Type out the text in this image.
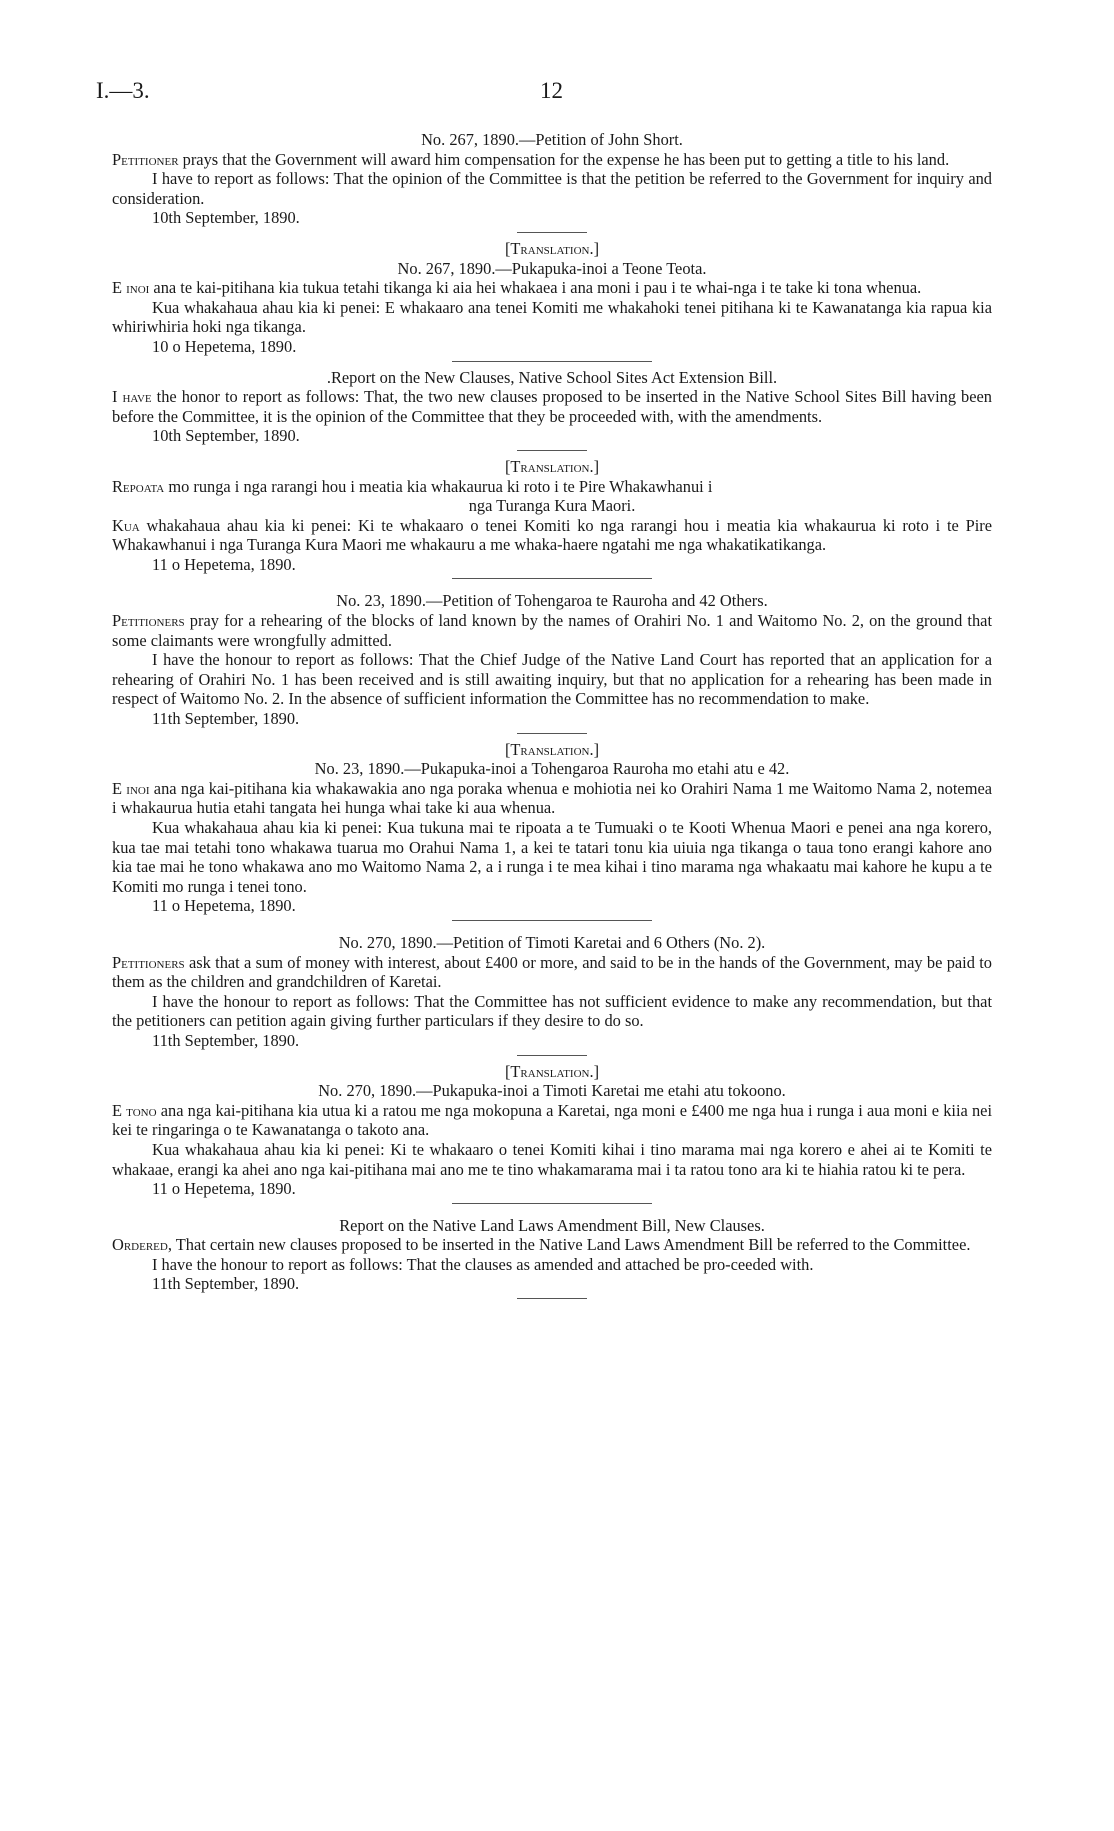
I.—3.	12

No. 267, 1890.—Petition of John Short.

Petitioner prays that the Government will award him compensation for the expense he has been put to getting a title to his land.

I have to report as follows: That the opinion of the Committee is that the petition be referred to the Government for inquiry and consideration.

10th September, 1890.

[Translation.]

No. 267, 1890.—Pukapuka-inoi a Teone Teota.

E inoi ana te kai-pitihana kia tukua tetahi tikanga ki aia hei whakaea i ana moni i pau i te whai-nga i te take ki tona whenua.

Kua whakahaua ahau kia ki penei: E whakaaro ana tenei Komiti me whakahoki tenei pitihana ki te Kawanatanga kia rapua kia whiriwhiria hoki nga tikanga.

10 o Hepetema, 1890.

.Report on the New Clauses, Native School Sites Act Extension Bill.

I have the honor to report as follows: That, the two new clauses proposed to be inserted in the Native School Sites Bill having been before the Committee, it is the opinion of the Committee that they be proceeded with, with the amendments.

10th September, 1890.

[Translation.]

Repoata mo runga i nga rarangi hou i meatia kia whakaurua ki roto i te Pire Whakawhanui i

nga Turanga Kura Maori.

Kua whakahaua ahau kia ki penei: Ki te whakaaro o tenei Komiti ko nga rarangi hou i meatia kia whakaurua ki roto i te Pire Whakawhanui i nga Turanga Kura Maori me whakauru a me whaka-haere ngatahi me nga whakatikatikanga.

11 o Hepetema, 1890.

No. 23, 1890.—Petition of Tohengaroa te Rauroha and 42 Others.

Petitioners pray for a rehearing of the blocks of land known by the names of Orahiri No. 1 and Waitomo No. 2, on the ground that some claimants were wrongfully admitted.

I have the honour to report as follows: That the Chief Judge of the Native Land Court has reported that an application for a rehearing of Orahiri No. 1 has been received and is still awaiting inquiry, but that no application for a rehearing has been made in respect of Waitomo No. 2. In the absence of sufficient information the Committee has no recommendation to make.

11th September, 1890.

[Translation.]

No. 23, 1890.—Pukapuka-inoi a Tohengaroa Rauroha mo etahi atu e 42.

E inoi ana nga kai-pitihana kia whakawakia ano nga poraka whenua e mohiotia nei ko Orahiri Nama 1 me Waitomo Nama 2, notemea i whakaurua hutia etahi tangata hei hunga whai take ki aua whenua.

Kua whakahaua ahau kia ki penei: Kua tukuna mai te ripoata a te Tumuaki o te Kooti Whenua Maori e penei ana nga korero, kua tae mai tetahi tono whakawa tuarua mo Orahui Nama 1, a kei te tatari tonu kia uiuia nga tikanga o taua tono erangi kahore ano kia tae mai he tono whakawa ano mo Waitomo Nama 2, a i runga i te mea kihai i tino marama nga whakaatu mai kahore he kupu a te Komiti mo runga i tenei tono.

11 o Hepetema, 1890.

No. 270, 1890.—Petition of Timoti Karetai and 6 Others (No. 2).

Petitioners ask that a sum of money with interest, about £400 or more, and said to be in the hands of the Government, may be paid to them as the children and grandchildren of Karetai.

I have the honour to report as follows: That the Committee has not sufficient evidence to make any recommendation, but that the petitioners can petition again giving further particulars if they desire to do so.

11th September, 1890.

[Translation.]

No. 270, 1890.—Pukapuka-inoi a Timoti Karetai me etahi atu tokoono.

E tono ana nga kai-pitihana kia utua ki a ratou me nga mokopuna a Karetai, nga moni e £400 me nga hua i runga i aua moni e kiia nei kei te ringaringa o te Kawanatanga o takoto ana.

Kua whakahaua ahau kia ki penei: Ki te whakaaro o tenei Komiti kihai i tino marama mai nga korero e ahei ai te Komiti te whakaae, erangi ka ahei ano nga kai-pitihana mai ano me te tino whakamarama mai i ta ratou tono ara ki te hiahia ratou ki te pera.

11 o Hepetema, 1890.

Report on the Native Land Laws Amendment Bill, New Clauses.

Ordered, That certain new clauses proposed to be inserted in the Native Land Laws Amendment Bill be referred to the Committee.

I have the honour to report as follows: That the clauses as amended and attached be pro-ceeded with.

11th September, 1890.
